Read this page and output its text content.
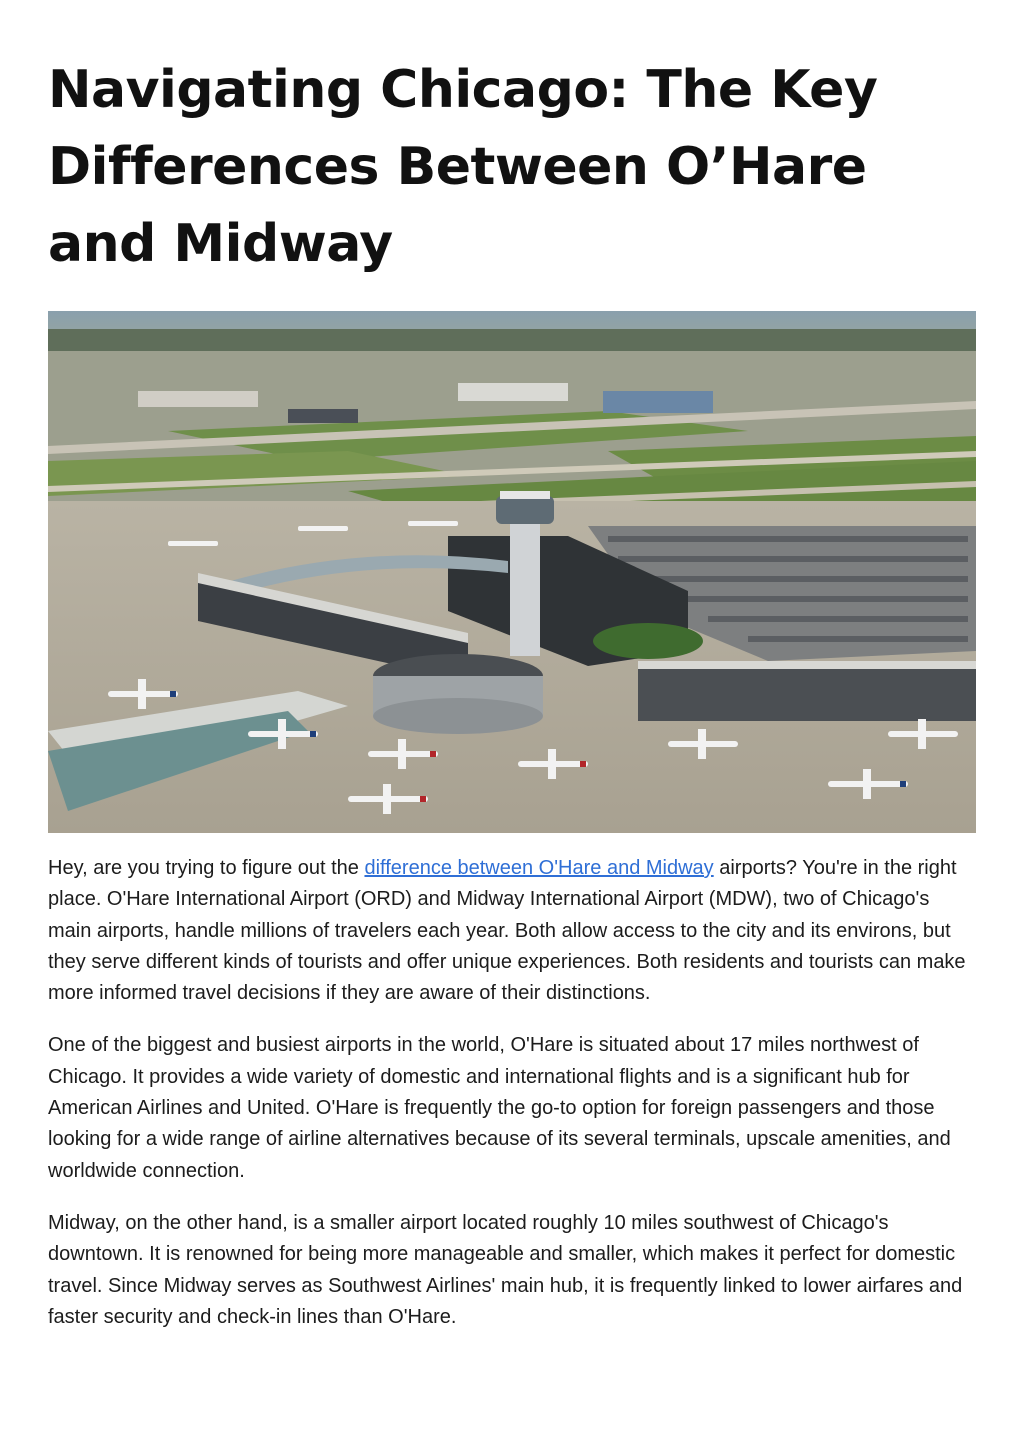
Navigating Chicago: The Key Differences Between O’Hare and Midway

Hey, are you trying to figure out the difference between O'Hare and Midway airports? You're in the right place. O'Hare International Airport (ORD) and Midway International Airport (MDW), two of Chicago's main airports, handle millions of travelers each year. Both allow access to the city and its environs, but they serve different kinds of tourists and offer unique experiences. Both residents and tourists can make more informed travel decisions if they are aware of their distinctions.

One of the biggest and busiest airports in the world, O'Hare is situated about 17 miles northwest of Chicago. It provides a wide variety of domestic and international flights and is a significant hub for American Airlines and United. O'Hare is frequently the go-to option for foreign passengers and those looking for a wide range of airline alternatives because of its several terminals, upscale amenities, and worldwide connection.

Midway, on the other hand, is a smaller airport located roughly 10 miles southwest of Chicago's downtown. It is renowned for being more manageable and smaller, which makes it perfect for domestic travel. Since Midway serves as Southwest Airlines' main hub, it is frequently linked to lower airfares and faster security and check-in lines than O'Hare.
